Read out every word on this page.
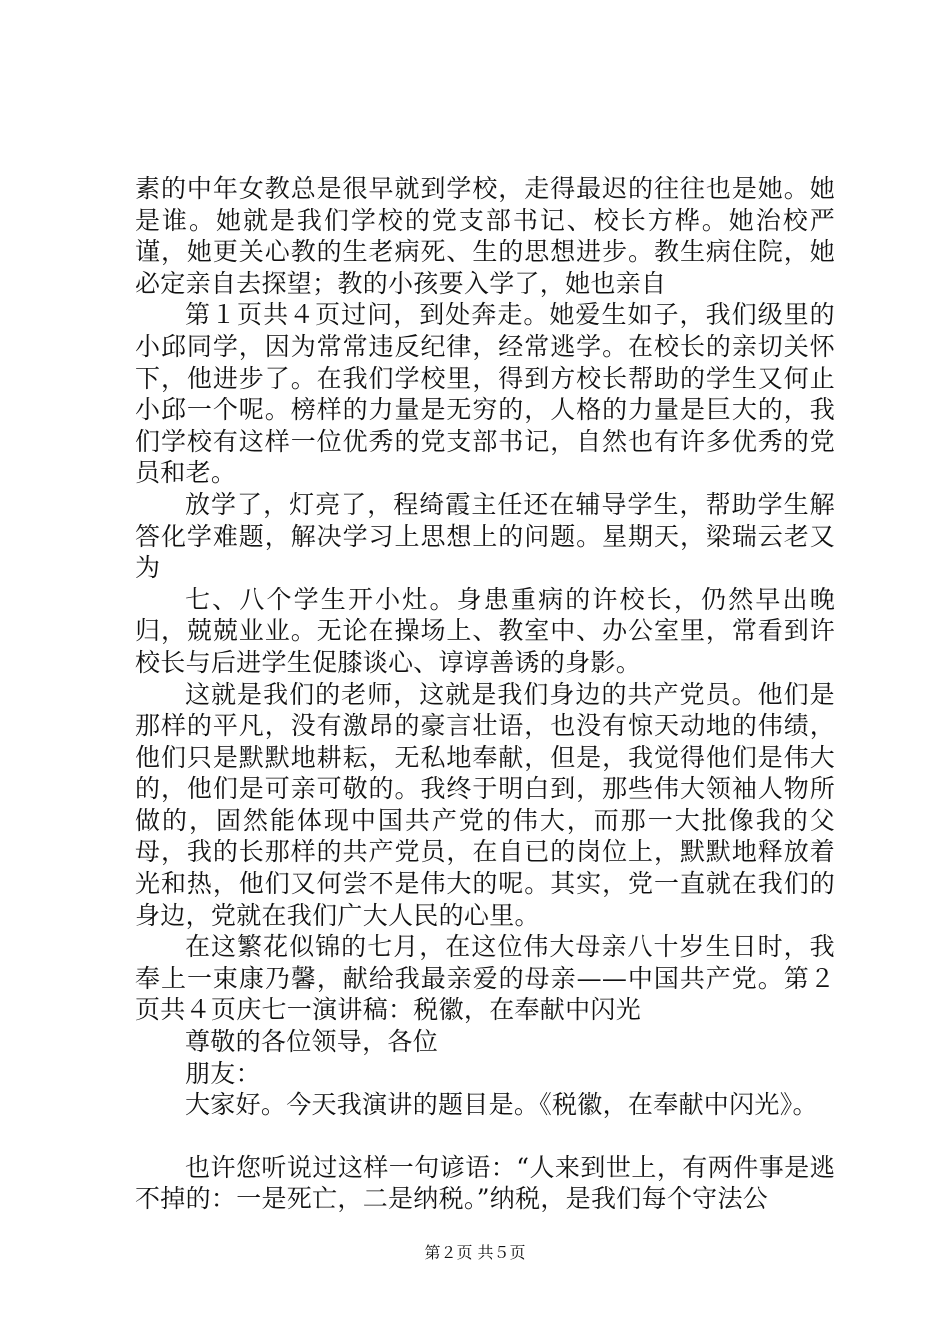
素的中年女教总是很早就到学校，走得最迟的往往也是她。她是谁。她就是我们学校的党支部书记、校长方桦。她治校严谨，她更关心教的生老病死、生的思想进步。教生病住院，她必定亲自去探望；教的小孩要入学了，她也亲自

第１页共４页过问，到处奔走。她爱生如子，我们级里的小邱同学，因为常常违反纪律，经常逃学。在校长的亲切关怀下，他进步了。在我们学校里，得到方校长帮助的学生又何止小邱一个呢。榜样的力量是无穷的，人格的力量是巨大的，我们学校有这样一位优秀的党支部书记，自然也有许多优秀的党员和老。

放学了，灯亮了，程绮霞主任还在辅导学生，帮助学生解答化学难题，解决学习上思想上的问题。星期天，梁瑞云老又为

七、八个学生开小灶。身患重病的许校长，仍然早出晚归，兢兢业业。无论在操场上、教室中、办公室里，常看到许校长与后进学生促膝谈心、谆谆善诱的身影。

这就是我们的老师，这就是我们身边的共产党员。他们是那样的平凡，没有激昂的豪言壮语，也没有惊天动地的伟绩，他们只是默默地耕耘，无私地奉献，但是，我觉得他们是伟大的，他们是可亲可敬的。我终于明白到，那些伟大领袖人物所做的，固然能体现中国共产党的伟大，而那一大批像我的父母，我的长那样的共产党员，在自已的岗位上，默默地释放着光和热，他们又何尝不是伟大的呢。其实，党一直就在我们的身边，党就在我们广大人民的心里。

在这繁花似锦的七月，在这位伟大母亲八十岁生日时，我奉上一束康乃馨，献给我最亲爱的母亲——中国共产党。第２页共４页庆七一演讲稿：税徽，在奉献中闪光

尊敬的各位领导，各位

朋友：

大家好。今天我演讲的题目是。《税徽，在奉献中闪光》。

也许您听说过这样一句谚语：“人来到世上，有两件事是逃不掉的：一是死亡，二是纳税。”纳税，是我们每个守法公

第２页 共５页
